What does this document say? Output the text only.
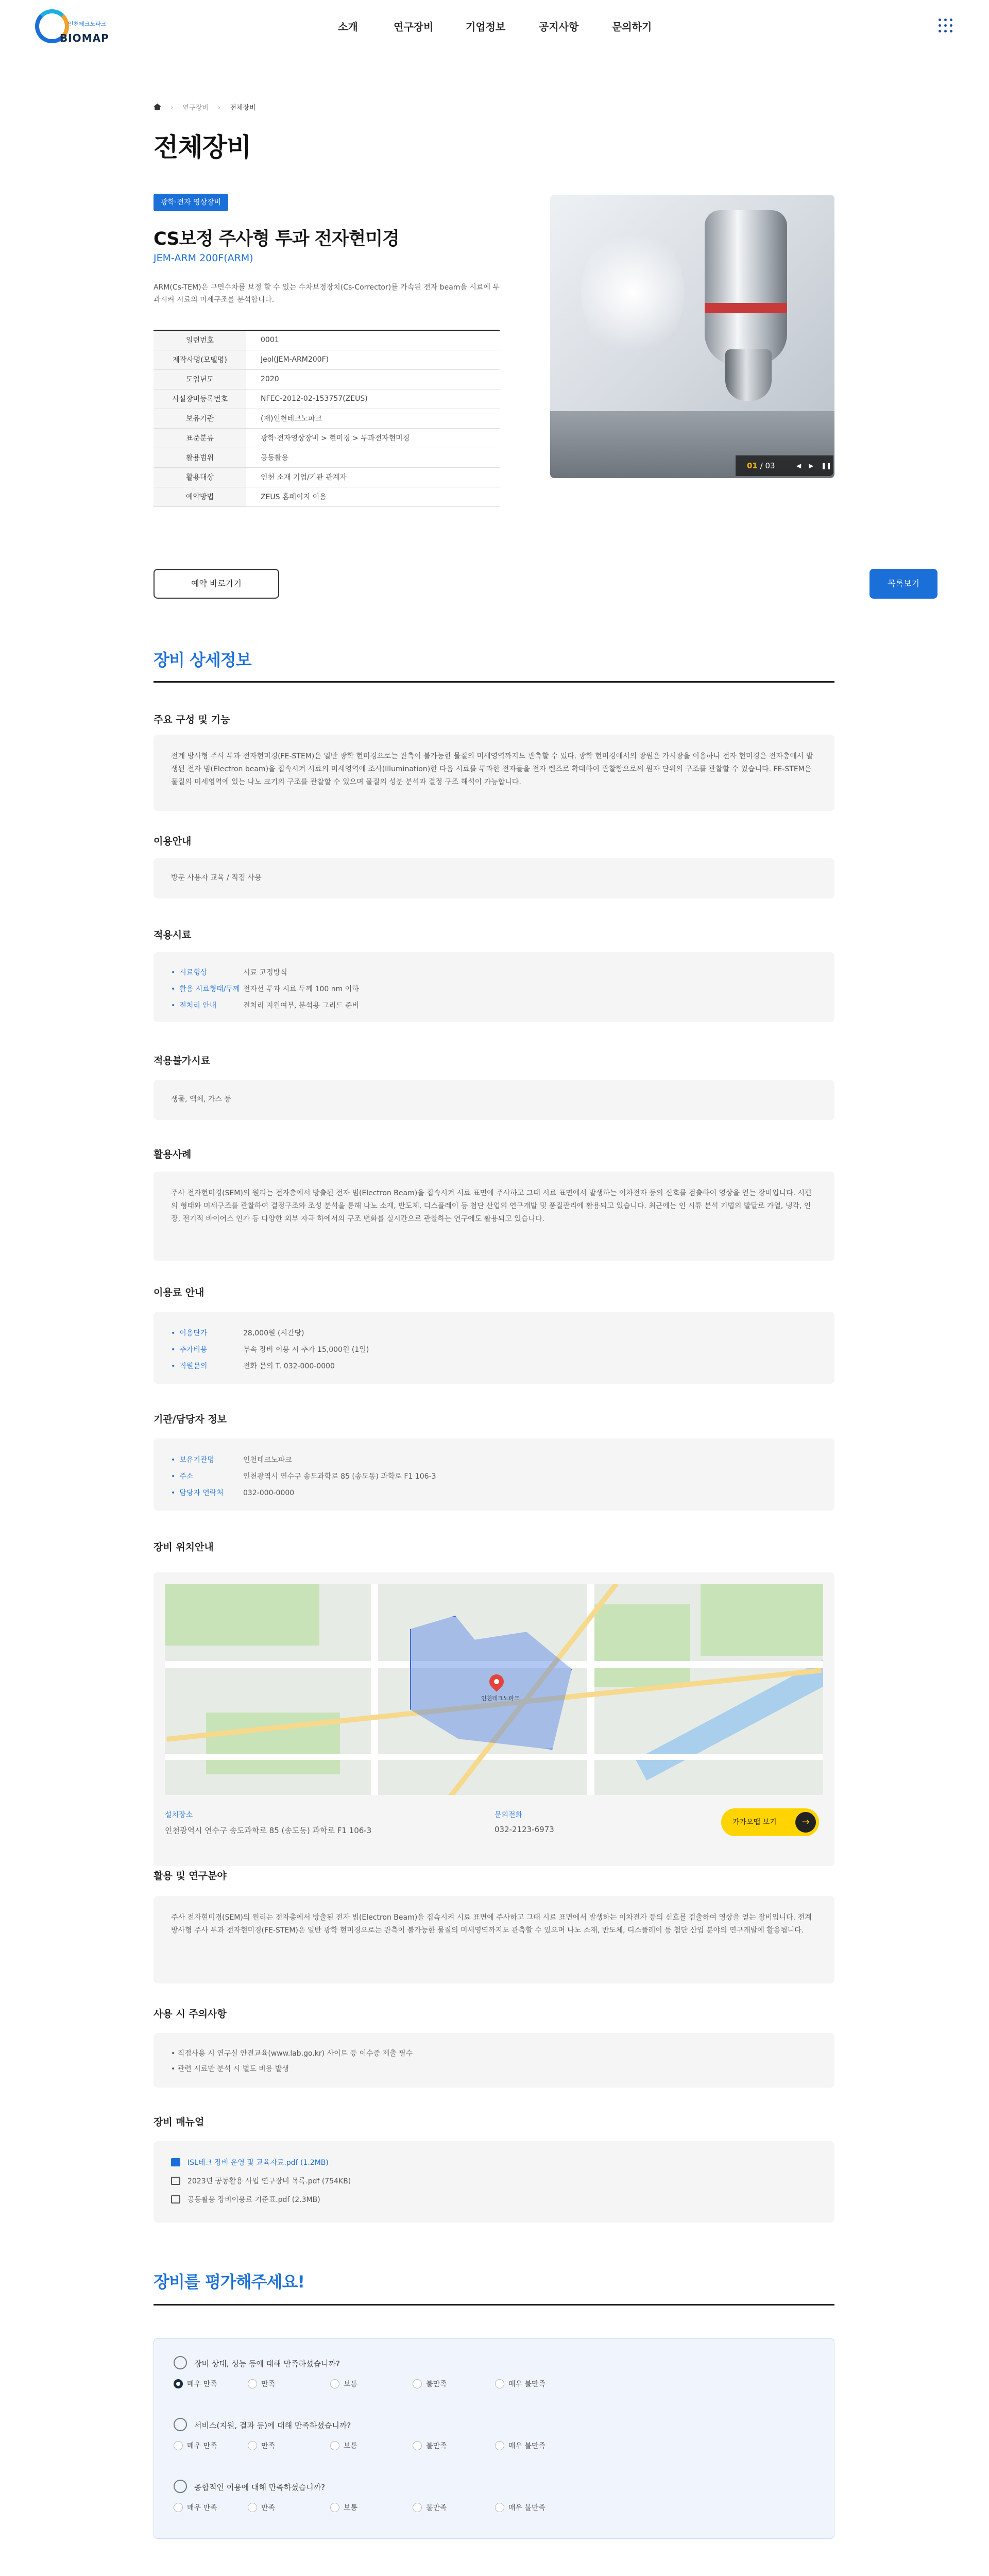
인천테크노파크
BIOMAP
소개	연구장비	기업정보	공지사항	문의하기
› 연구장비 › 전체장비
전체장비
광학·전자 영상장비
CS보정 주사형 투과 전자현미경
JEM-ARM 200F(ARM)

ARM(Cs-TEM)은 구면수차를 보정 할 수 있는 수차보정장치(Cs-Corrector)를 가속된 전자 beam을 시료에 투과시켜 시료의 미세구조를 분석합니다.

일련번호	0001
제작사명(모델명)	Jeol(JEM-ARM200F)
도입년도	2020
시설장비등록번호	NFEC-2012-02-153757(ZEUS)
보유기관	(재)인천테크노파크
표준분류	광학·전자영상장비 > 현미경 > 투과전자현미경
활용범위	공동활용
활용대상	인천 소재 기업/기관 관계자
예약방법	ZEUS 홈페이지 이용
01 / 03	◀ ▶ ❚❚
예약 바로가기	목록보기
장비 상세정보
주요 구성 및 기능
전계 방사형 주사 투과 전자현미경(FE-STEM)은 일반 광학 현미경으로는 관측이 불가능한 물질의 미세영역까지도 관측할 수 있다. 광학 현미경에서의 광원은 가시광을 이용하나 전자 현미경은 전자총에서 발생된 전자 빔(Electron beam)을 집속시켜 시료의 미세영역에 조사(Illumination)한 다음 시료를 투과한 전자들을 전자 렌즈로 확대하여 관찰함으로써 원자 단위의 구조를 관찰할 수 있습니다. FE-STEM은 물질의 미세영역에 있는 나노 크기의 구조를 관찰할 수 있으며 물질의 성분 분석과 결정 구조 해석이 가능합니다.
이용안내
방문 사용자 교육 / 직접 사용
적용시료
• 시료형상	시료 고정방식
• 활용 시료형태/두께 전자선 투과 시료 두께 100 nm 이하
• 전처리 안내	전처리 지원여부, 분석용 그리드 준비
적용불가시료
생물, 액체, 가스 등
활용사례
주사 전자현미경(SEM)의 원리는 전자총에서 방출된 전자 빔(Electron Beam)을 집속시켜 시료 표면에 주사하고 그때 시료 표면에서 발생하는 이차전자 등의 신호를 검출하여 영상을 얻는 장비입니다. 시편의 형태와 미세구조를 관찰하여 결정구조와 조성 분석을 통해 나노 소재, 반도체, 디스플레이 등 첨단 산업의 연구개발 및 품질관리에 활용되고 있습니다. 최근에는 인 시튜 분석 기법의 발달로 가열, 냉각, 인장, 전기적 바이어스 인가 등 다양한 외부 자극 하에서의 구조 변화를 실시간으로 관찰하는 연구에도 활용되고 있습니다.
이용료 안내
• 이용단가	28,000원 (시간당)
• 추가비용	부속 장비 이용 시 추가 15,000원 (1일)
• 직원문의	전화 문의 T. 032-000-0000
기관/담당자 정보
• 보유기관명	인천테크노파크
• 주소	인천광역시 연수구 송도과학로 85 (송도동) 과학로 F1 106-3
• 담당자 연락처	032-000-0000
장비 위치안내
인천테크노파크
설치장소
인천광역시 연수구 송도과학로 85 (송도동) 과학로 F1 106-3
문의전화
032-2123-6973
카카오맵 보기	→
활용 및 연구분야
주사 전자현미경(SEM)의 원리는 전자총에서 방출된 전자 빔(Electron Beam)을 집속시켜 시료 표면에 주사하고 그때 시료 표면에서 발생하는 이차전자 등의 신호를 검출하여 영상을 얻는 장비입니다. 전계 방사형 주사 투과 전자현미경(FE-STEM)은 일반 광학 현미경으로는 관측이 불가능한 물질의 미세영역까지도 관측할 수 있으며 나노 소재, 반도체, 디스플레이 등 첨단 산업 분야의 연구개발에 활용됩니다.
사용 시 주의사항
• 직접사용 시 연구실 안전교육(www.lab.go.kr) 사이트 등 이수증 제출 필수
• 관련 시료만 분석 시 별도 비용 발생
장비 매뉴얼
ISL테크 장비 운영 및 교육자료.pdf (1.2MB)
2023년 공동활용 사업 연구장비 목록.pdf (754KB)
공동활용 장비이용료 기준표.pdf (2.3MB)
장비를 평가해주세요!
장비 상태, 성능 등에 대해 만족하셨습니까?
매우 만족	만족	보통	불만족	매우 불만족
서비스(지원, 결과 등)에 대해 만족하셨습니까?
매우 만족	만족	보통	불만족	매우 불만족
종합적인 이용에 대해 만족하셨습니까?
매우 만족	만족	보통	불만족	매우 불만족
